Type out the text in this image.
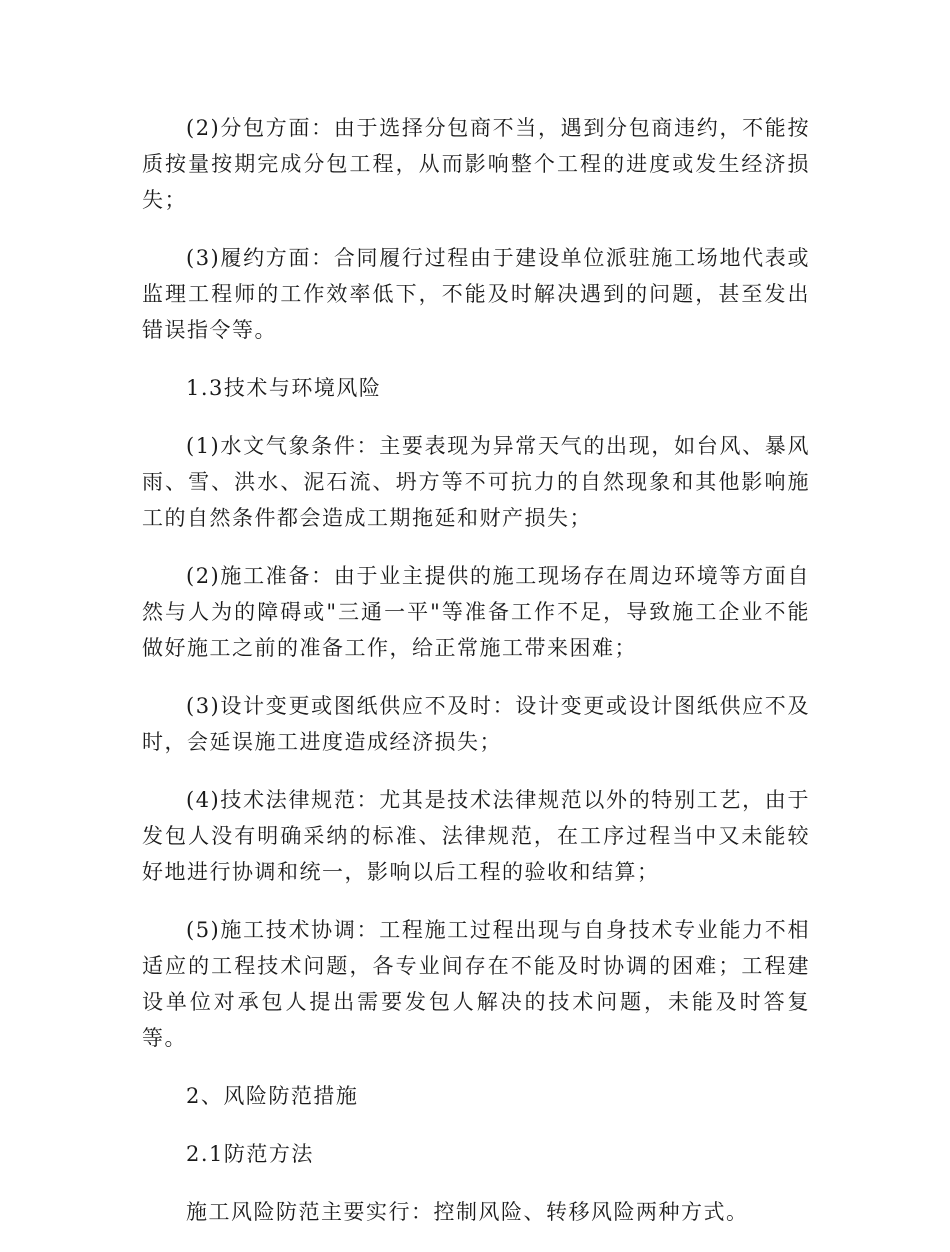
(2)分包方面：由于选择分包商不当，遇到分包商违约，不能按质按量按期完成分包工程，从而影响整个工程的进度或发生经济损失；

(3)履约方面：合同履行过程由于建设单位派驻施工场地代表或监理工程师的工作效率低下，不能及时解决遇到的问题，甚至发出错误指令等。

1.3技术与环境风险

(1)水文气象条件：主要表现为异常天气的出现，如台风、暴风雨、雪、洪水、泥石流、坍方等不可抗力的自然现象和其他影响施工的自然条件都会造成工期拖延和财产损失；

(2)施工准备：由于业主提供的施工现场存在周边环境等方面自然与人为的障碍或"三通一平"等准备工作不足，导致施工企业不能做好施工之前的准备工作，给正常施工带来困难；

(3)设计变更或图纸供应不及时：设计变更或设计图纸供应不及时，会延误施工进度造成经济损失；

(4)技术法律规范：尤其是技术法律规范以外的特别工艺，由于发包人没有明确采纳的标准、法律规范，在工序过程当中又未能较好地进行协调和统一，影响以后工程的验收和结算；

(5)施工技术协调：工程施工过程出现与自身技术专业能力不相适应的工程技术问题，各专业间存在不能及时协调的困难；工程建设单位对承包人提出需要发包人解决的技术问题，未能及时答复等。

2、风险防范措施

2.1防范方法

施工风险防范主要实行：控制风险、转移风险两种方式。
